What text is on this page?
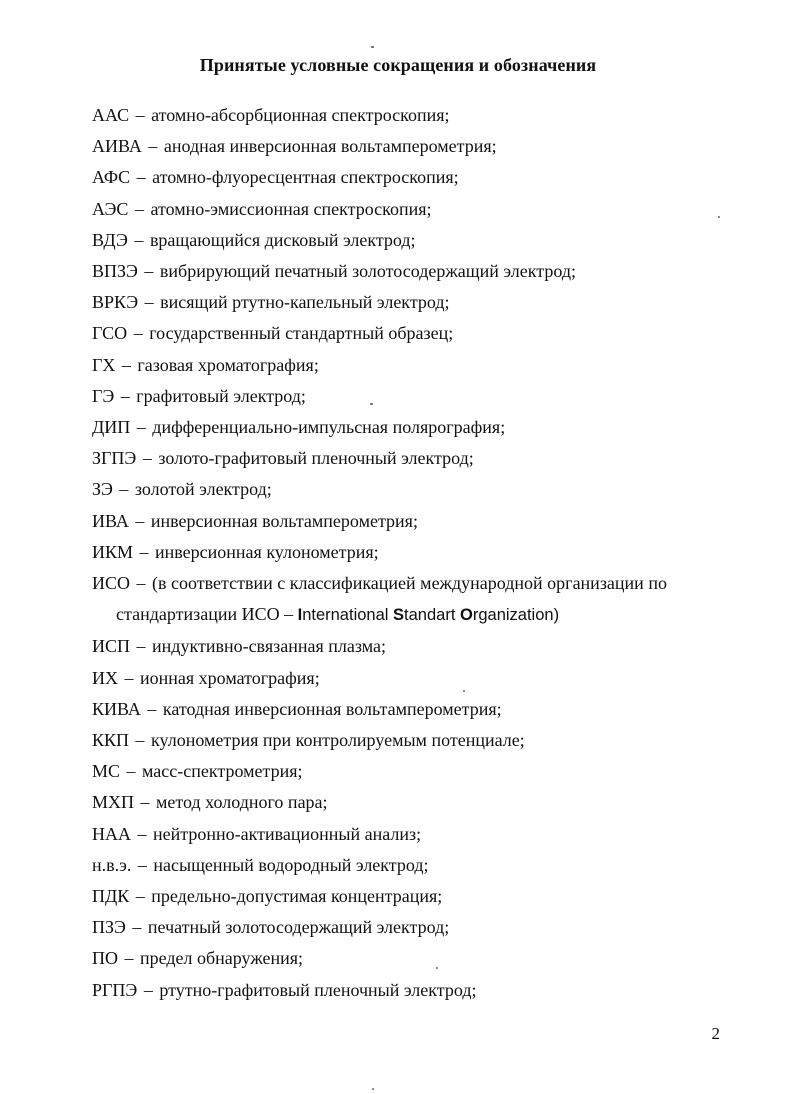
Принятые условные сокращения и обозначения
ААС – атомно-абсорбционная спектроскопия;
АИВА – анодная инверсионная вольтамперометрия;
АФС – атомно-флуоресцентная спектроскопия;
АЭС – атомно-эмиссионная спектроскопия;
ВДЭ – вращающийся дисковый электрод;
ВПЗЭ – вибрирующий печатный золотосодержащий электрод;
ВРКЭ – висящий ртутно-капельный электрод;
ГСО – государственный стандартный образец;
ГХ – газовая хроматография;
ГЭ – графитовый электрод;
ДИП – дифференциально-импульсная полярография;
ЗГПЭ – золото-графитовый пленочный электрод;
ЗЭ – золотой электрод;
ИВА – инверсионная вольтамперометрия;
ИКМ – инверсионная кулонометрия;
ИСО – (в соответствии с классификацией международной организации по
стандартизации ИСО – International Standart Organization)
ИСП – индуктивно-связанная плазма;
ИХ – ионная хроматография;
КИВА – катодная инверсионная вольтамперометрия;
ККП – кулонометрия при контролируемым потенциале;
МС – масс-спектрометрия;
МХП – метод холодного пара;
НАА – нейтронно-активационный анализ;
н.в.э. – насыщенный водородный электрод;
ПДК – предельно-допустимая концентрация;
ПЗЭ – печатный золотосодержащий электрод;
ПО – предел обнаружения;
РГПЭ – ртутно-графитовый пленочный электрод;
2
